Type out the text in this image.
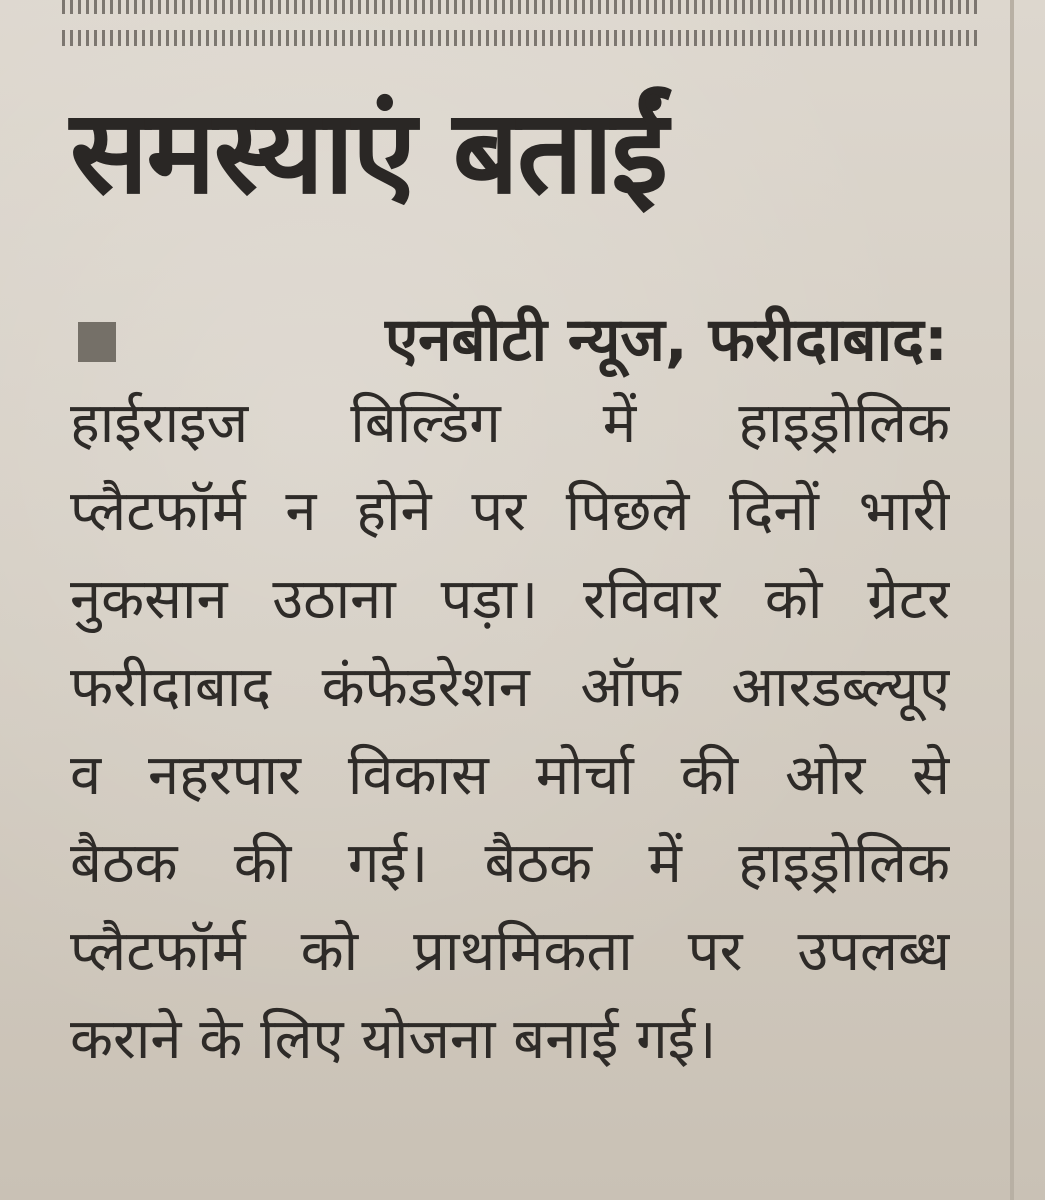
समस्याएं बताईं
एनबीटी न्यूज, फरीदाबाद:
हाईराइज बिल्डिंग में हाइड्रोलिक
प्लैटफॉर्म न होने पर पिछले दिनों भारी
नुकसान उठाना पड़ा। रविवार को ग्रेटर
फरीदाबाद कंफेडरेशन ऑफ आरडब्ल्यूए
व नहरपार विकास मोर्चा की ओर से
बैठक की गई। बैठक में हाइड्रोलिक
प्लैटफॉर्म को प्राथमिकता पर उपलब्ध
कराने के लिए योजना बनाई गई।
